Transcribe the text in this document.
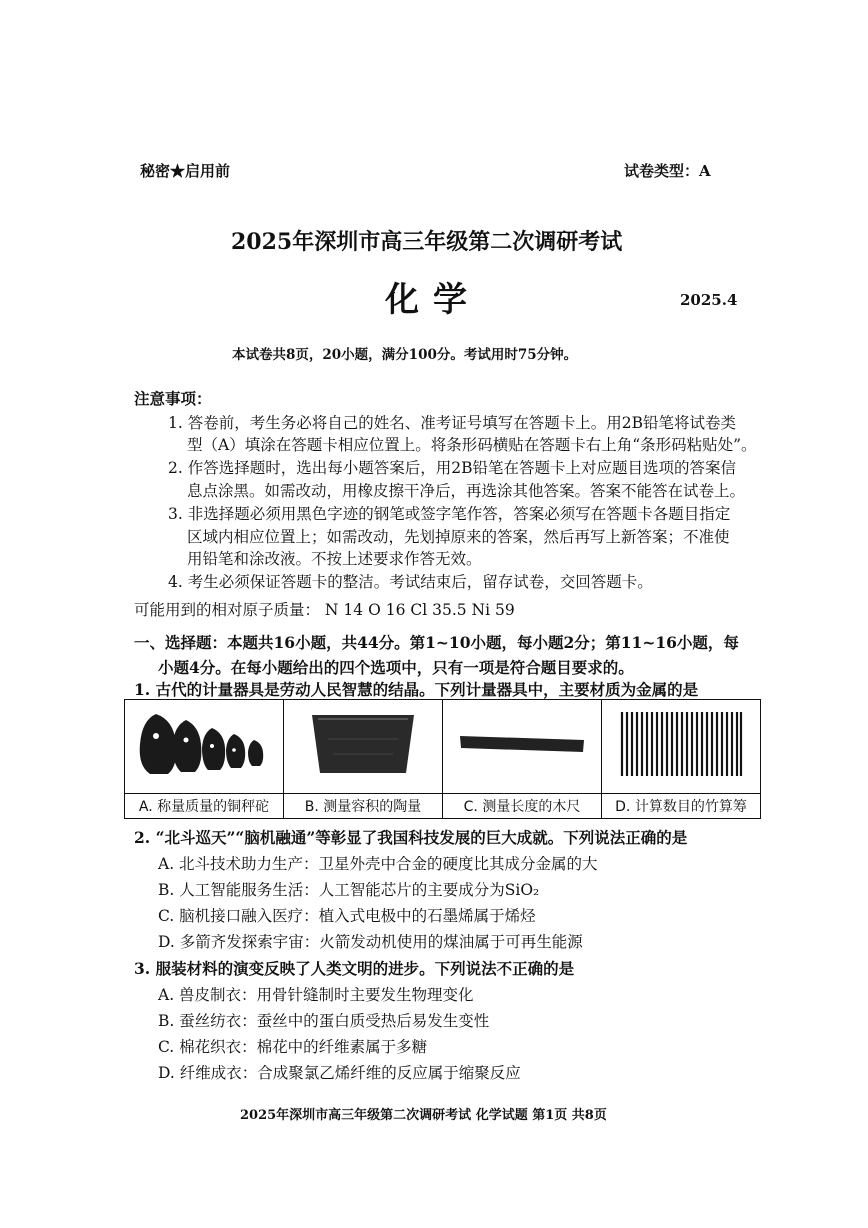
秘密★启用前	试卷类型：A
2025年深圳市高三年级第二次调研考试
化学	2025.4
本试卷共8页，20小题，满分100分。考试用时75分钟。
注意事项：
1. 答卷前，考生务必将自己的姓名、准考证号填写在答题卡上。用2B铅笔将试卷类
型（A）填涂在答题卡相应位置上。将条形码横贴在答题卡右上角“条形码粘贴处”。
2. 作答选择题时，选出每小题答案后，用2B铅笔在答题卡上对应题目选项的答案信
息点涂黑。如需改动，用橡皮擦干净后，再选涂其他答案。答案不能答在试卷上。
3. 非选择题必须用黑色字迹的钢笔或签字笔作答，答案必须写在答题卡各题目指定
区域内相应位置上；如需改动，先划掉原来的答案，然后再写上新答案；不准使
用铅笔和涂改液。不按上述要求作答无效。
4. 考生必须保证答题卡的整洁。考试结束后，留存试卷，交回答题卡。
可能用到的相对原子质量： N 14 O 16 Cl 35.5 Ni 59
一、选择题：本题共16小题，共44分。第1~10小题，每小题2分；第11~16小题，每
小题4分。在每小题给出的四个选项中，只有一项是符合题目要求的。
1. 古代的计量器具是劳动人民智慧的结晶。下列计量器具中，主要材质为金属的是

A. 称量质量的铜秤砣	B. 测量容积的陶量	C. 测量长度的木尺	D. 计算数目的竹算筹
2. “北斗巡天”“脑机融通”等彰显了我国科技发展的巨大成就。下列说法正确的是
A. 北斗技术助力生产：卫星外壳中合金的硬度比其成分金属的大
B. 人工智能服务生活：人工智能芯片的主要成分为SiO₂
C. 脑机接口融入医疗：植入式电极中的石墨烯属于烯烃
D. 多箭齐发探索宇宙：火箭发动机使用的煤油属于可再生能源
3. 服装材料的演变反映了人类文明的进步。下列说法不正确的是
A. 兽皮制衣：用骨针缝制时主要发生物理变化
B. 蚕丝纺衣：蚕丝中的蛋白质受热后易发生变性
C. 棉花织衣：棉花中的纤维素属于多糖
D. 纤维成衣：合成聚氯乙烯纤维的反应属于缩聚反应
2025年深圳市高三年级第二次调研考试 化学试题 第1页 共8页
